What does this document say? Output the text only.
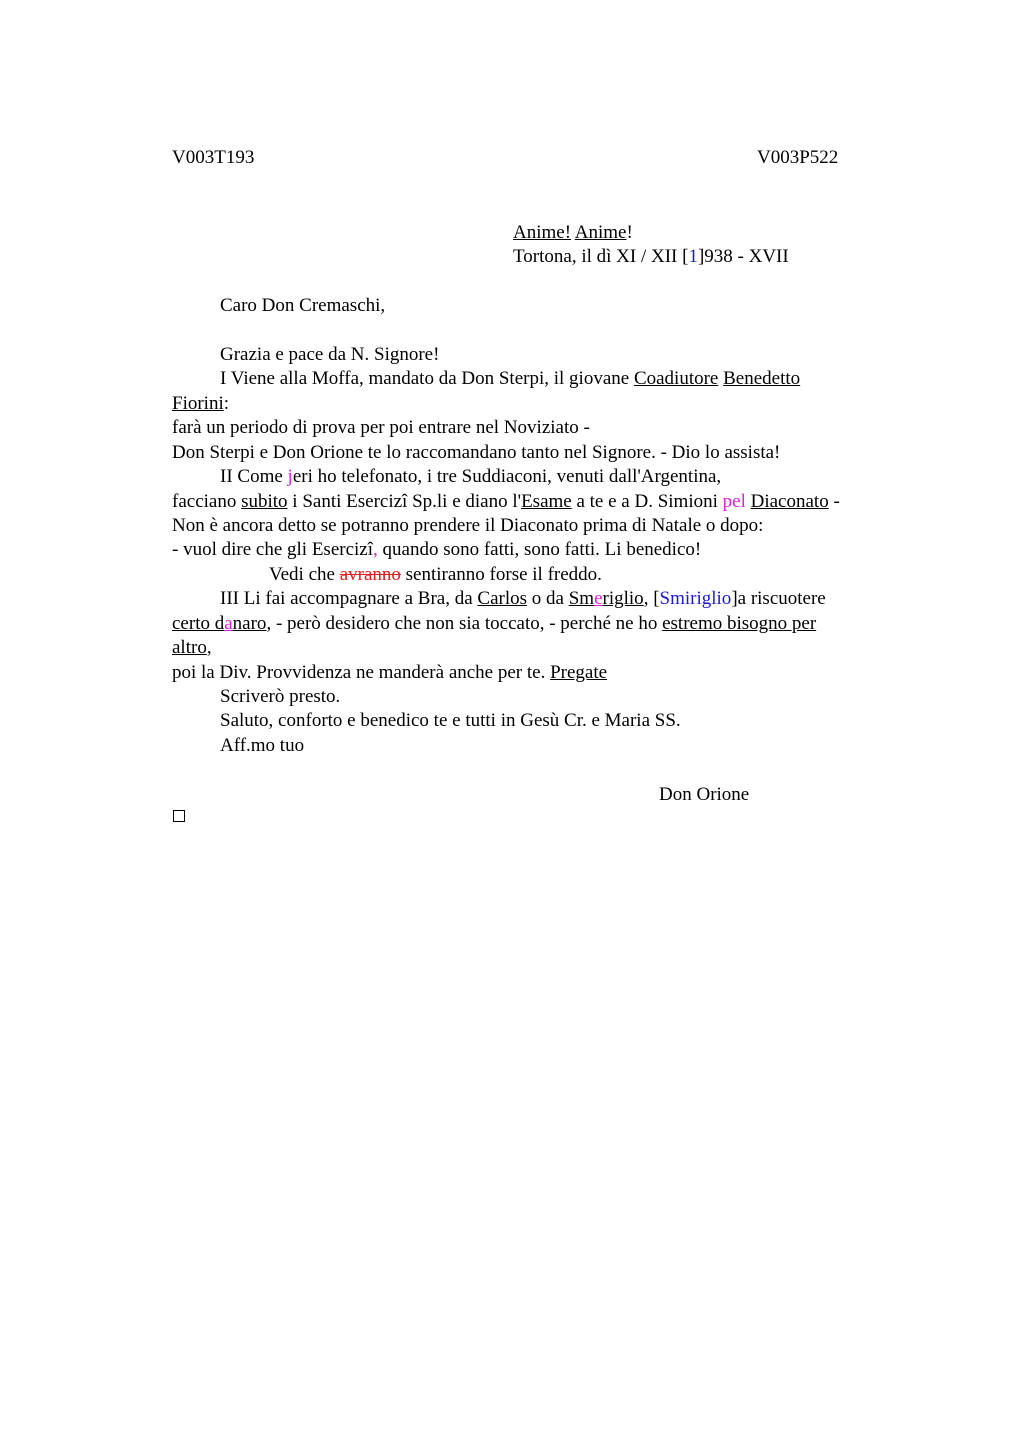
V003T193	V003P522
Anime! Anime!
Tortona, il dì XI / XII [1]938 - XVII
Caro Don Cremaschi,
Grazia e pace da N. Signore!
I Viene alla Moffa, mandato da Don Sterpi, il giovane Coadiutore Benedetto
Fiorini:
farà un periodo di prova per poi entrare nel Noviziato -
Don Sterpi e Don Orione te lo raccomandano tanto nel Signore. - Dio lo assista!
II Come jeri ho telefonato, i tre Suddiaconi, venuti dall'Argentina,
facciano subito i Santi Esercizî Sp.li e diano l'Esame a te e a D. Simioni pel Diaconato -
Non è ancora detto se potranno prendere il Diaconato prima di Natale o dopo:
- vuol dire che gli Esercizî, quando sono fatti, sono fatti. Li benedico!
Vedi che avranno sentiranno forse il freddo.
III Li fai accompagnare a Bra, da Carlos o da Smeriglio, [Smiriglio]a riscuotere
certo danaro, - però desidero che non sia toccato, - perché ne ho estremo bisogno per
altro,
poi la Div. Provvidenza ne manderà anche per te. Pregate
Scriverò presto.
Saluto, conforto e benedico te e tutti in Gesù Cr. e Maria SS.
Aff.mo tuo
Don Orione
